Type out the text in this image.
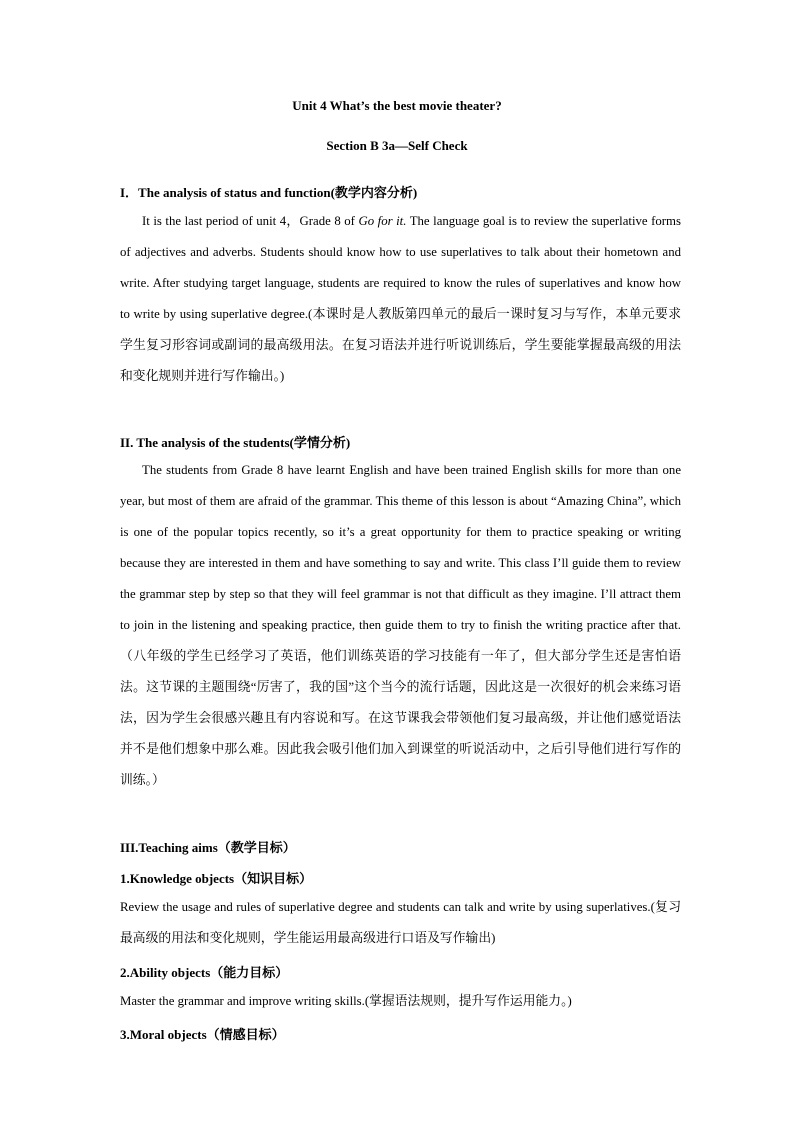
Unit 4 What’s the best movie theater?
Section B 3a—Self Check
I．The analysis of status and function(教学内容分析)
It is the last period of unit 4，Grade 8 of Go for it. The language goal is to review the superlative forms of adjectives and adverbs. Students should know how to use superlatives to talk about their hometown and write. After studying target language, students are required to know the rules of superlatives and know how to write by using superlative degree.(本课时是人教版第四单元的最后一课时复习与写作，本单元要求学生复习形容词或副词的最高级用法。在复习语法并进行听说训练后，学生要能掌握最高级的用法和变化规则并进行写作输出。)
II. The analysis of the students(学情分析)
The students from Grade 8 have learnt English and have been trained English skills for more than one year, but most of them are afraid of the grammar. This theme of this lesson is about “Amazing China”, which is one of the popular topics recently, so it’s a great opportunity for them to practice speaking or writing because they are interested in them and have something to say and write. This class I’ll guide them to review the grammar step by step so that they will feel grammar is not that difficult as they imagine. I’ll attract them to join in the listening and speaking practice, then guide them to try to finish the writing practice after that.（八年级的学生已经学习了英语，他们训练英语的学习技能有一年了，但大部分学生还是害怕语法。这节课的主题围绕“厉害了，我的国”这个当今的流行话题，因此这是一次很好的机会来练习语法，因为学生会很感兴趣且有内容说和写。在这节课我会带领他们复习最高级，并让他们感觉语法并不是他们想象中那么难。因此我会吸引他们加入到课堂的听说活动中，之后引导他们进行写作的训练。）
III.Teaching aims（教学目标）
1.Knowledge objects（知识目标）
Review the usage and rules of superlative degree and students can talk and write by using superlatives.(复习最高级的用法和变化规则，学生能运用最高级进行口语及写作输出)
2.Ability objects（能力目标）
Master the grammar and improve writing skills.(掌握语法规则，提升写作运用能力。)
3.Moral objects（情感目标）
